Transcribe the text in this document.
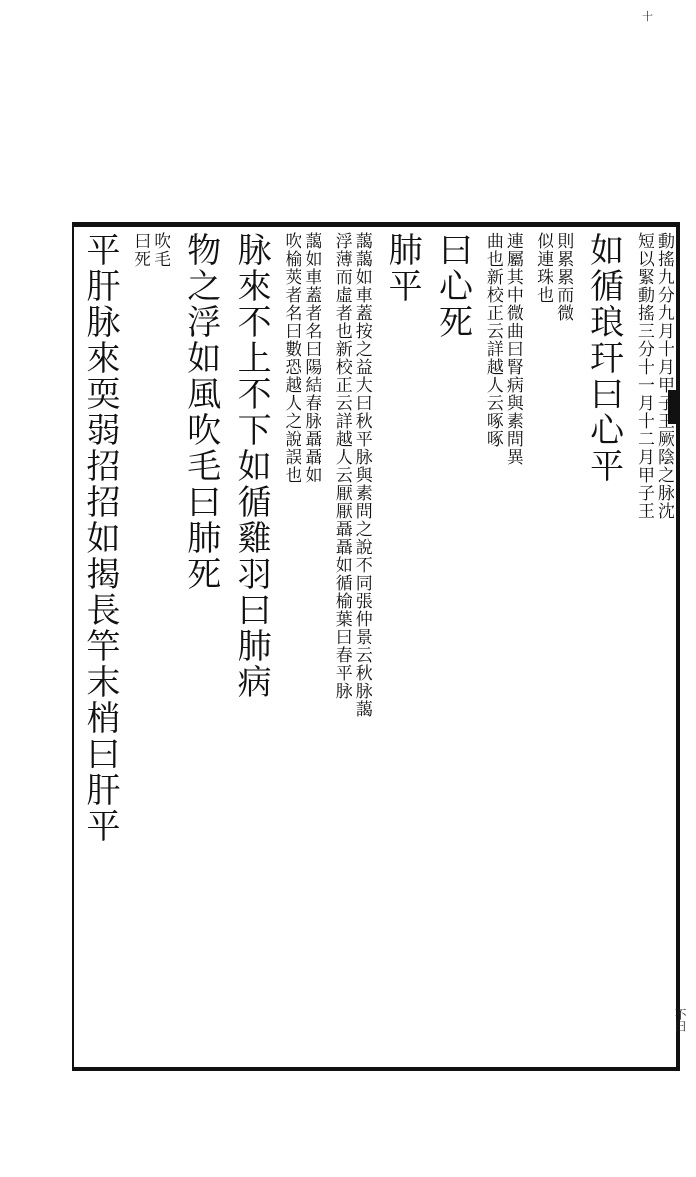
十
不曰
動搖九分九月十月甲子王厥陰之脉沈
短以緊動搖三分十一月十二月甲子王
如循琅玕曰心平
則累累而微
似連珠也
連屬其中微曲曰腎病與素問異
曲也新校正云詳越人云啄啄
曰心死
肺平
藹藹如車蓋按之益大曰秋平脉與素問之說不同張仲景云秋脉藹
浮薄而虛者也新校正云詳越人云厭厭聶聶如循榆葉曰春平脉
藹如車蓋者名曰陽結春脉聶聶如
吹榆莢者名曰數恐越人之說誤也
脉來不上不下如循雞羽曰肺病
物之浮如風吹毛曰肺死
吹毛
曰死
平肝脉來耎弱招招如揭長竿末梢曰肝平
